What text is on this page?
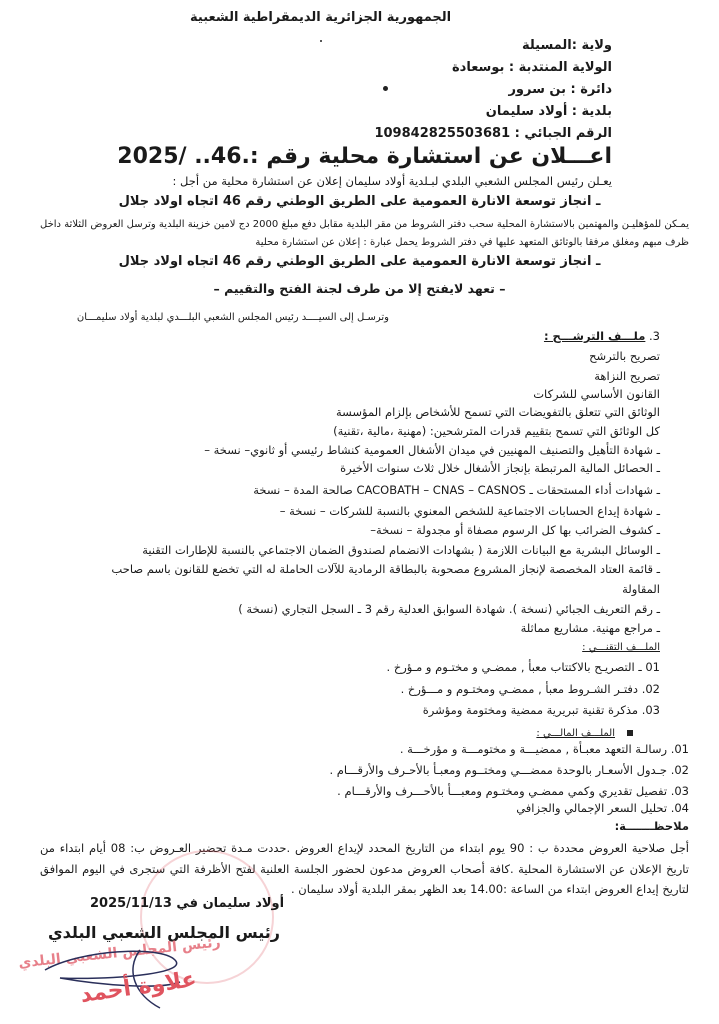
الجمهورية الجزائرية الديمقراطية الشعبية
ولاية :المسيلة
الولاية المنتدبة : بوسعادة
دائرة : بن سرور
بلدية : أولاد سليمان
الرقم الجبائي : 09842825503681‏1
اعـــلان عن استشارة محلية رقم :.46.. /2025
يعـلن رئيس المجلس الشعبي البلدي لبـلدية أولاد سليمان إعلان عن استشارة محلية من أجل :
ـ انجاز توسعة الانارة العمومية على الطريق الوطني رقم 46 اتجاه اولاد جلال
يمـكن للمؤهليـن والمهتمين بالاستشارة المحلية سحب دفتر الشروط من مقر البلدية مقابل دفع مبلغ 2000 دج لامين خزينة البلدية وترسل العروض الثلاثة داخل ظرف مبهم ومغلق مرفقا بالوثائق المتعهد عليها في دفتر الشروط يحمل عبارة : إعلان عن استشارة محلية
ـ انجاز توسعة الانارة العمومية على الطريق الوطني رقم 46 اتجاه اولاد جلال
– تعهد لايفتح إلا من طرف لجنة الفتح والتقييم –
وترسـل إلى السيــــد رئيس المجلس الشعبي البلـــدي لبلدية أولاد سليمـــان
3. ملـــف الترشـــح :
تصريح بالترشح
تصريح النزاهة
القانون الأساسي للشركات
الوثائق التي تتعلق بالتفويضات التي تسمح للأشخاص بإلزام المؤسسة
كل الوثائق التي تسمح بتقييم قدرات المترشحين: (مهنية ،مالية ،تقنية)
ـ شهادة التأهيل والتصنيف المهنيين في ميدان الأشغال العمومية كنشاط رئيسي أو ثانوي– نسخة –
ـ الحصائل المالية المرتبطة بإنجاز الأشغال خلال ثلاث سنوات الأخيرة
ـ شهادات أداء المستحقات ـ CACOBATH – CNAS – CASNOS صالحة المدة – نسخة
ـ شهادة إيداع الحسابات الاجتماعية للشخص المعنوي بالنسبة للشركات – نسخة –
ـ كشوف الضرائب بها كل الرسوم مصفاة أو مجدولة – نسخة–
ـ الوسائل البشرية مع البيانات اللازمة ( بشهادات الانضمام لصندوق الضمان الاجتماعي بالنسبة للإطارات التقنية
ـ قائمة العتاد المخصصة لإنجاز المشروع مصحوبة بالبطاقة الرمادية للآلات الحاملة له التي تخضع للقانون باسم صاحب
المقاولة
ـ رقم التعريف الجبائي (نسخة ). شهادة السوابق العدلية رقم 3 ـ السجل التجاري (نسخة )
ـ مراجع مهنية. مشاريع مماثلة
الملـــف التقنـــي :
01 ـ التصريـح بالاكتتاب معبأ , ممضـي و مختـوم و مـؤرخ .
02. دفتـر الشـروط معبأ , ممضـي ومختـوم و مـــؤرخ .
03. مذكرة تقنية تبريرية ممضية ومختومة ومؤشرة
الملـــف المالـــي :
01. رسالـة التعهد معبـأة , ممضيـــة و مختومـــة و مؤرخـــة .
02. جـدول الأسعـار بالوحدة ممضـــي ومختــوم ومعبـأ بالأحـرف والأرقـــام .
03. تفصيل تقديري وكمي ممضـي ومختـوم ومعبـــأ بالأحـــرف والأرقـــام .
04. تحليل السعر الإجمالي والجزافي
ملاحظـــــــة:
أجل صلاحية العروض محددة ب : 90 يوم ابتداء من التاريخ المحدد لإيداع العروض .حددت مـدة تحضير العـروض ب: 08 أيام ابتداء من تاريخ الإعلان عن الاستشارة المحلية .كافة أصحاب العروض مدعون لحضور الجلسة العلنية لفتح الأظرفة التي ستجرى في اليوم الموافق لتاريخ إيداع العروض ابتداء من الساعة :14.00 بعد الظهر بمقر البلدية أولاد سليمان .
أولاد سليمان في 2025/11/13
رئيس المجلس الشعبي البلدي
رئيس المجلس الشعبي البلدي
علاوة أحمد
